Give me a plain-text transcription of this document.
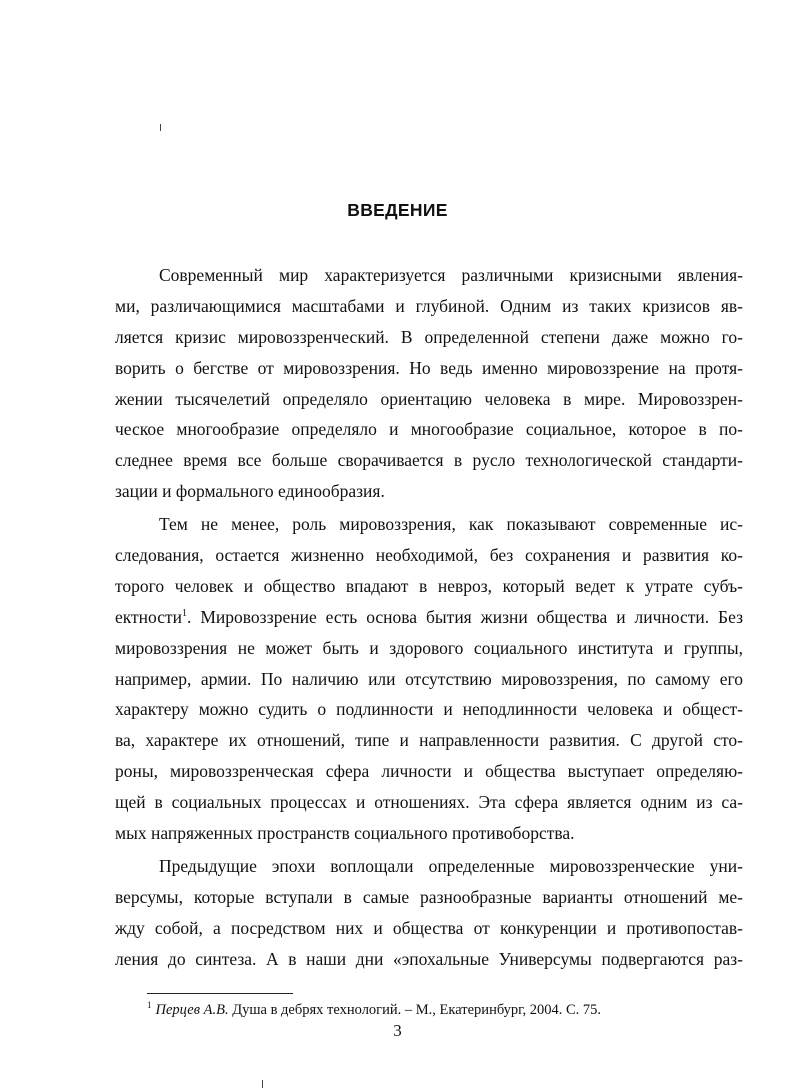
ВВЕДЕНИЕ
Современный мир характеризуется различными кризисными явления-
ми, различающимися масштабами и глубиной. Одним из таких кризисов яв-
ляется кризис мировоззренческий. В определенной степени даже можно го-
ворить о бегстве от мировоззрения. Но ведь именно мировоззрение на протя-
жении тысячелетий определяло ориентацию человека в мире. Мировоззрен-
ческое многообразие определяло и многообразие социальное, которое в по-
следнее время все больше сворачивается в русло технологической стандарти-
зации и формального единообразия.
Тем не менее, роль мировоззрения, как показывают современные ис-
следования, остается жизненно необходимой, без сохранения и развития ко-
торого человек и общество впадают в невроз, который ведет к утрате субъ-
ектности$^1$. Мировоззрение есть основа бытия жизни общества и личности. Без
мировоззрения не может быть и здорового социального института и группы,
например, армии. По наличию или отсутствию мировоззрения, по самому его
характеру можно судить о подлинности и неподлинности человека и общест-
ва, характере их отношений, типе и направленности развития. С другой сто-
роны, мировоззренческая сфера личности и общества выступает определяю-
щей в социальных процессах и отношениях. Эта сфера является одним из са-
мых напряженных пространств социального противоборства.
Предыдущие эпохи воплощали определенные мировоззренческие уни-
версумы, которые вступали в самые разнообразные варианты отношений ме-
жду собой, а посредством них и общества от конкуренции и противопостав-
ления до синтеза. А в наши дни «эпохальные Универсумы подвергаются раз-
$^1$ Перцев А.В. Душа в дебрях технологий. – М., Екатеринбург, 2004. С. 75.
3
